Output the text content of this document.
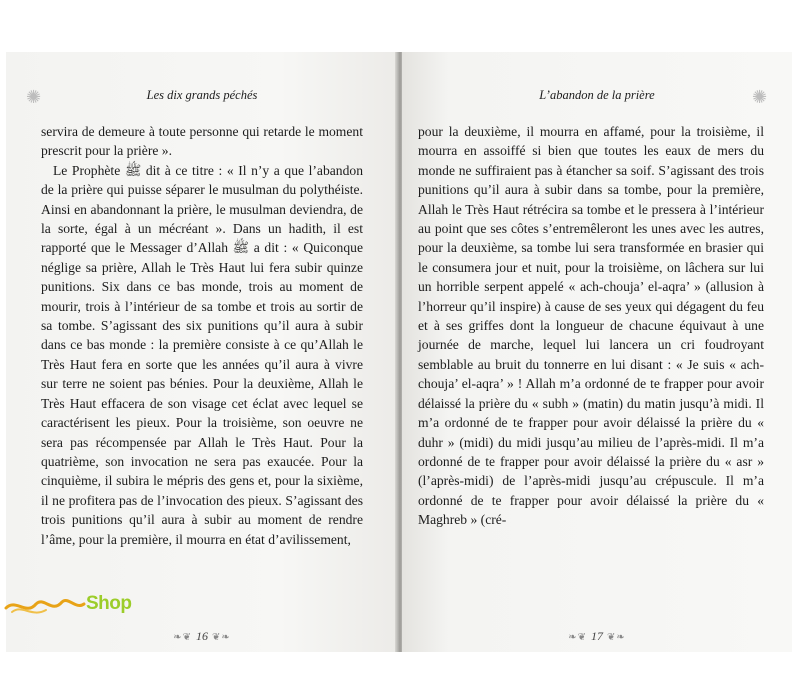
✺	Les dix grands péchés

servira de demeure à toute personne qui retarde le moment prescrit pour la prière ».

Le Prophète ﷺ dit à ce titre : « Il n’y a que l’abandon de la prière qui puisse séparer le musulman du polythéiste. Ainsi en abandonnant la prière, le musulman deviendra, de la sorte, égal à un mécréant ». Dans un hadith, il est rapporté que le Messager d’Allah ﷺ a dit : « Quiconque néglige sa prière, Allah le Très Haut lui fera subir quinze punitions. Six dans ce bas monde, trois au moment de mourir, trois à l’intérieur de sa tombe et trois au sortir de sa tombe. S’agissant des six punitions qu’il aura à subir dans ce bas monde : la première consiste à ce qu’Allah le Très Haut fera en sorte que les années qu’il aura à vivre sur terre ne soient pas bénies. Pour la deuxième, Allah le Très Haut effacera de son visage cet éclat avec lequel se caractérisent les pieux. Pour la troisième, son oeuvre ne sera pas récompensée par Allah le Très Haut. Pour la quatrième, son invocation ne sera pas exaucée. Pour la cinquième, il subira le mépris des gens et, pour la sixième, il ne profitera pas de l’invocation des pieux. S’agissant des trois punitions qu’il aura à subir au moment de rendre l’âme, pour la première, il mourra en état d’avilissement,

❧❦ 16 ❦❧
L’abandon de la prière	✺

pour la deuxième, il mourra en affamé, pour la troisième, il mourra en assoiffé si bien que toutes les eaux de mers du monde ne suffiraient pas à étancher sa soif. S’agissant des trois punitions qu’il aura à subir dans sa tombe, pour la première, Allah le Très Haut rétrécira sa tombe et le pressera à l’intérieur au point que ses côtes s’entremêleront les unes avec les autres, pour la deuxième, sa tombe lui sera transformée en brasier qui le consumera jour et nuit, pour la troisième, on lâchera sur lui un horrible serpent appelé « ach-chouja’ el-aqra’ » (allusion à l’horreur qu’il inspire) à cause de ses yeux qui dégagent du feu et à ses griffes dont la longueur de chacune équivaut à une journée de marche, lequel lui lancera un cri foudroyant semblable au bruit du tonnerre en lui disant : « Je suis « ach-chouja’ el-aqra’ » ! Allah m’a ordonné de te frapper pour avoir délaissé la prière du « subh » (matin) du matin jusqu’à midi. Il m’a ordonné de te frapper pour avoir délaissé la prière du « duhr » (midi) du midi jusqu’au milieu de l’après-midi. Il m’a ordonné de te frapper pour avoir délaissé la prière du « asr » (l’après-midi) de l’après-midi jusqu’au crépuscule. Il m’a ordonné de te frapper pour avoir délaissé la prière du « Maghreb » (cré-

❧❦ 17 ❦❧
Shop
